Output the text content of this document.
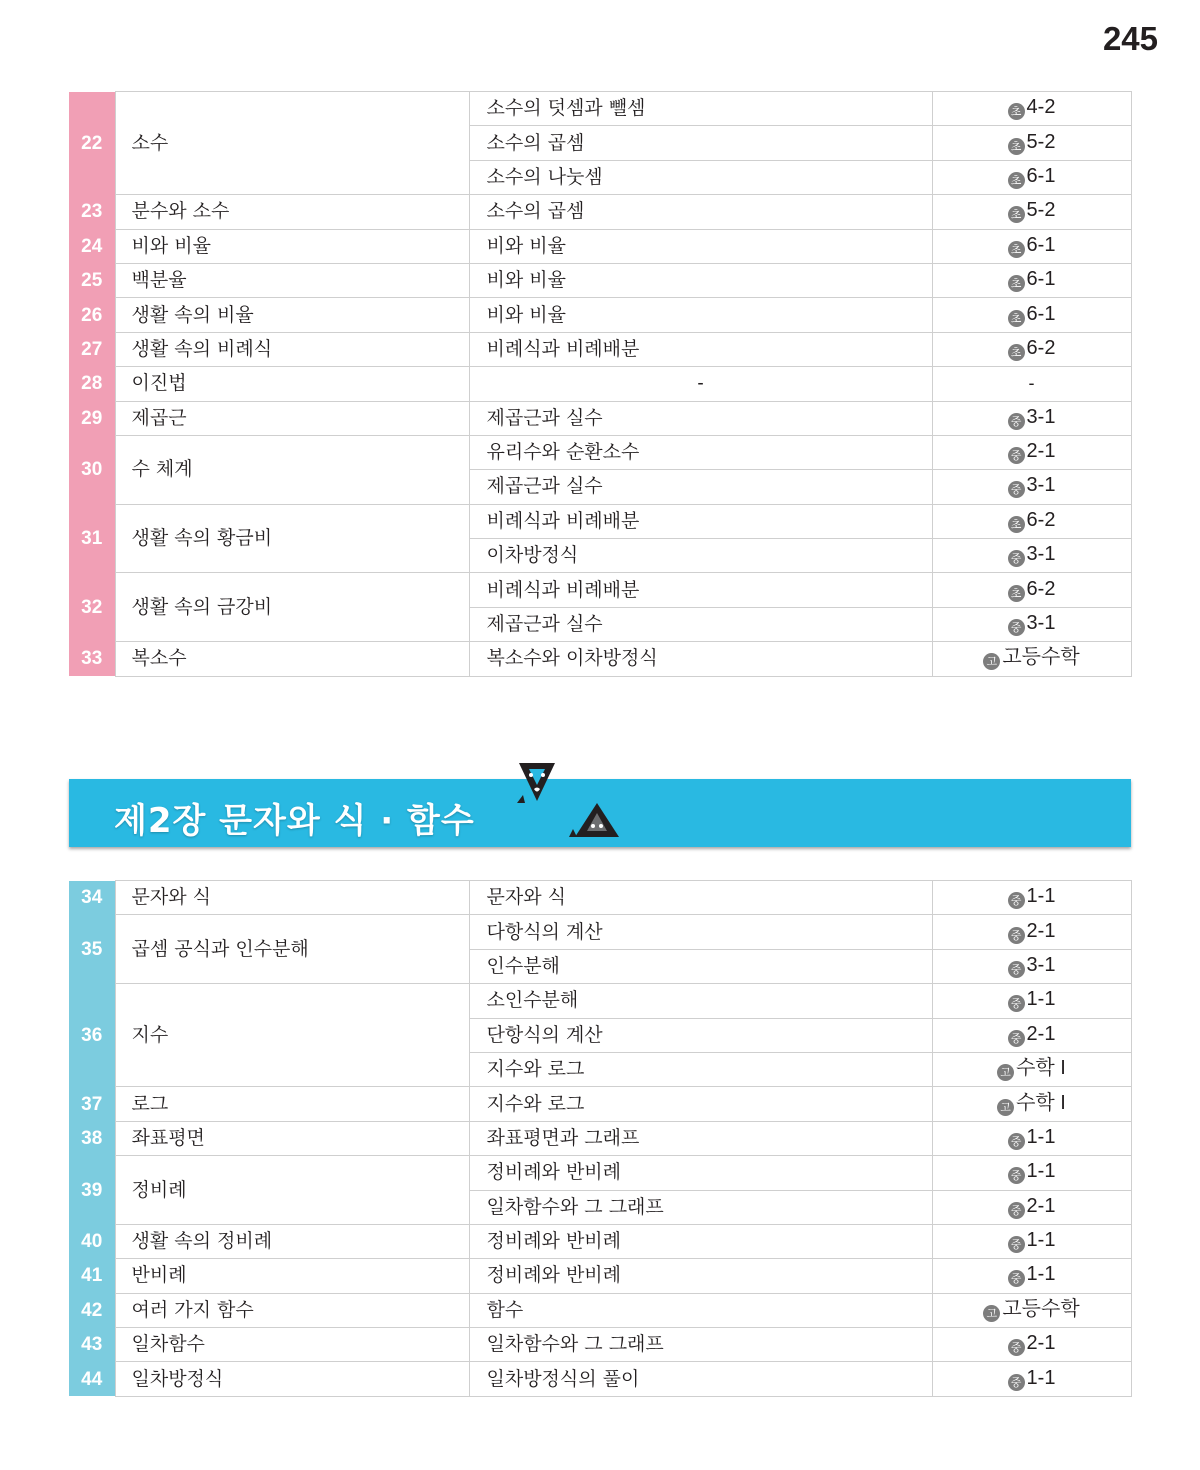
245
22	소수	소수의 덧셈과 뺄셈	초 4-2
		소수의 곱셈	초 5-2
		소수의 나눗셈	초 6-1
23	분수와 소수	소수의 곱셈	초 5-2
24	비와 비율	비와 비율	초 6-1
25	백분율	비와 비율	초 6-1
26	생활 속의 비율	비와 비율	초 6-1
27	생활 속의 비례식	비례식과 비례배분	초 6-2
28	이진법	-	-
29	제곱근	제곱근과 실수	중 3-1
30	수 체계	유리수와 순환소수	중 2-1
		제곱근과 실수	중 3-1
31	생활 속의 황금비	비례식과 비례배분	초 6-2
		이차방정식	중 3-1
32	생활 속의 금강비	비례식과 비례배분	초 6-2
		제곱근과 실수	중 3-1
33	복소수	복소수와 이차방정식	고 고등수학
제2장 문자와 식 · 함수
34	문자와 식	문자와 식	중 1-1
35	곱셈 공식과 인수분해	다항식의 계산	중 2-1
		인수분해	중 3-1
36	지수	소인수분해	중 1-1
		단항식의 계산	중 2-1
		지수와 로그	고 수학 I
37	로그	지수와 로그	고 수학 I
38	좌표평면	좌표평면과 그래프	중 1-1
39	정비례	정비례와 반비례	중 1-1
		일차함수와 그 그래프	중 2-1
40	생활 속의 정비례	정비례와 반비례	중 1-1
41	반비례	정비례와 반비례	중 1-1
42	여러 가지 함수	함수	고 고등수학
43	일차함수	일차함수와 그 그래프	중 2-1
44	일차방정식	일차방정식의 풀이	중 1-1
